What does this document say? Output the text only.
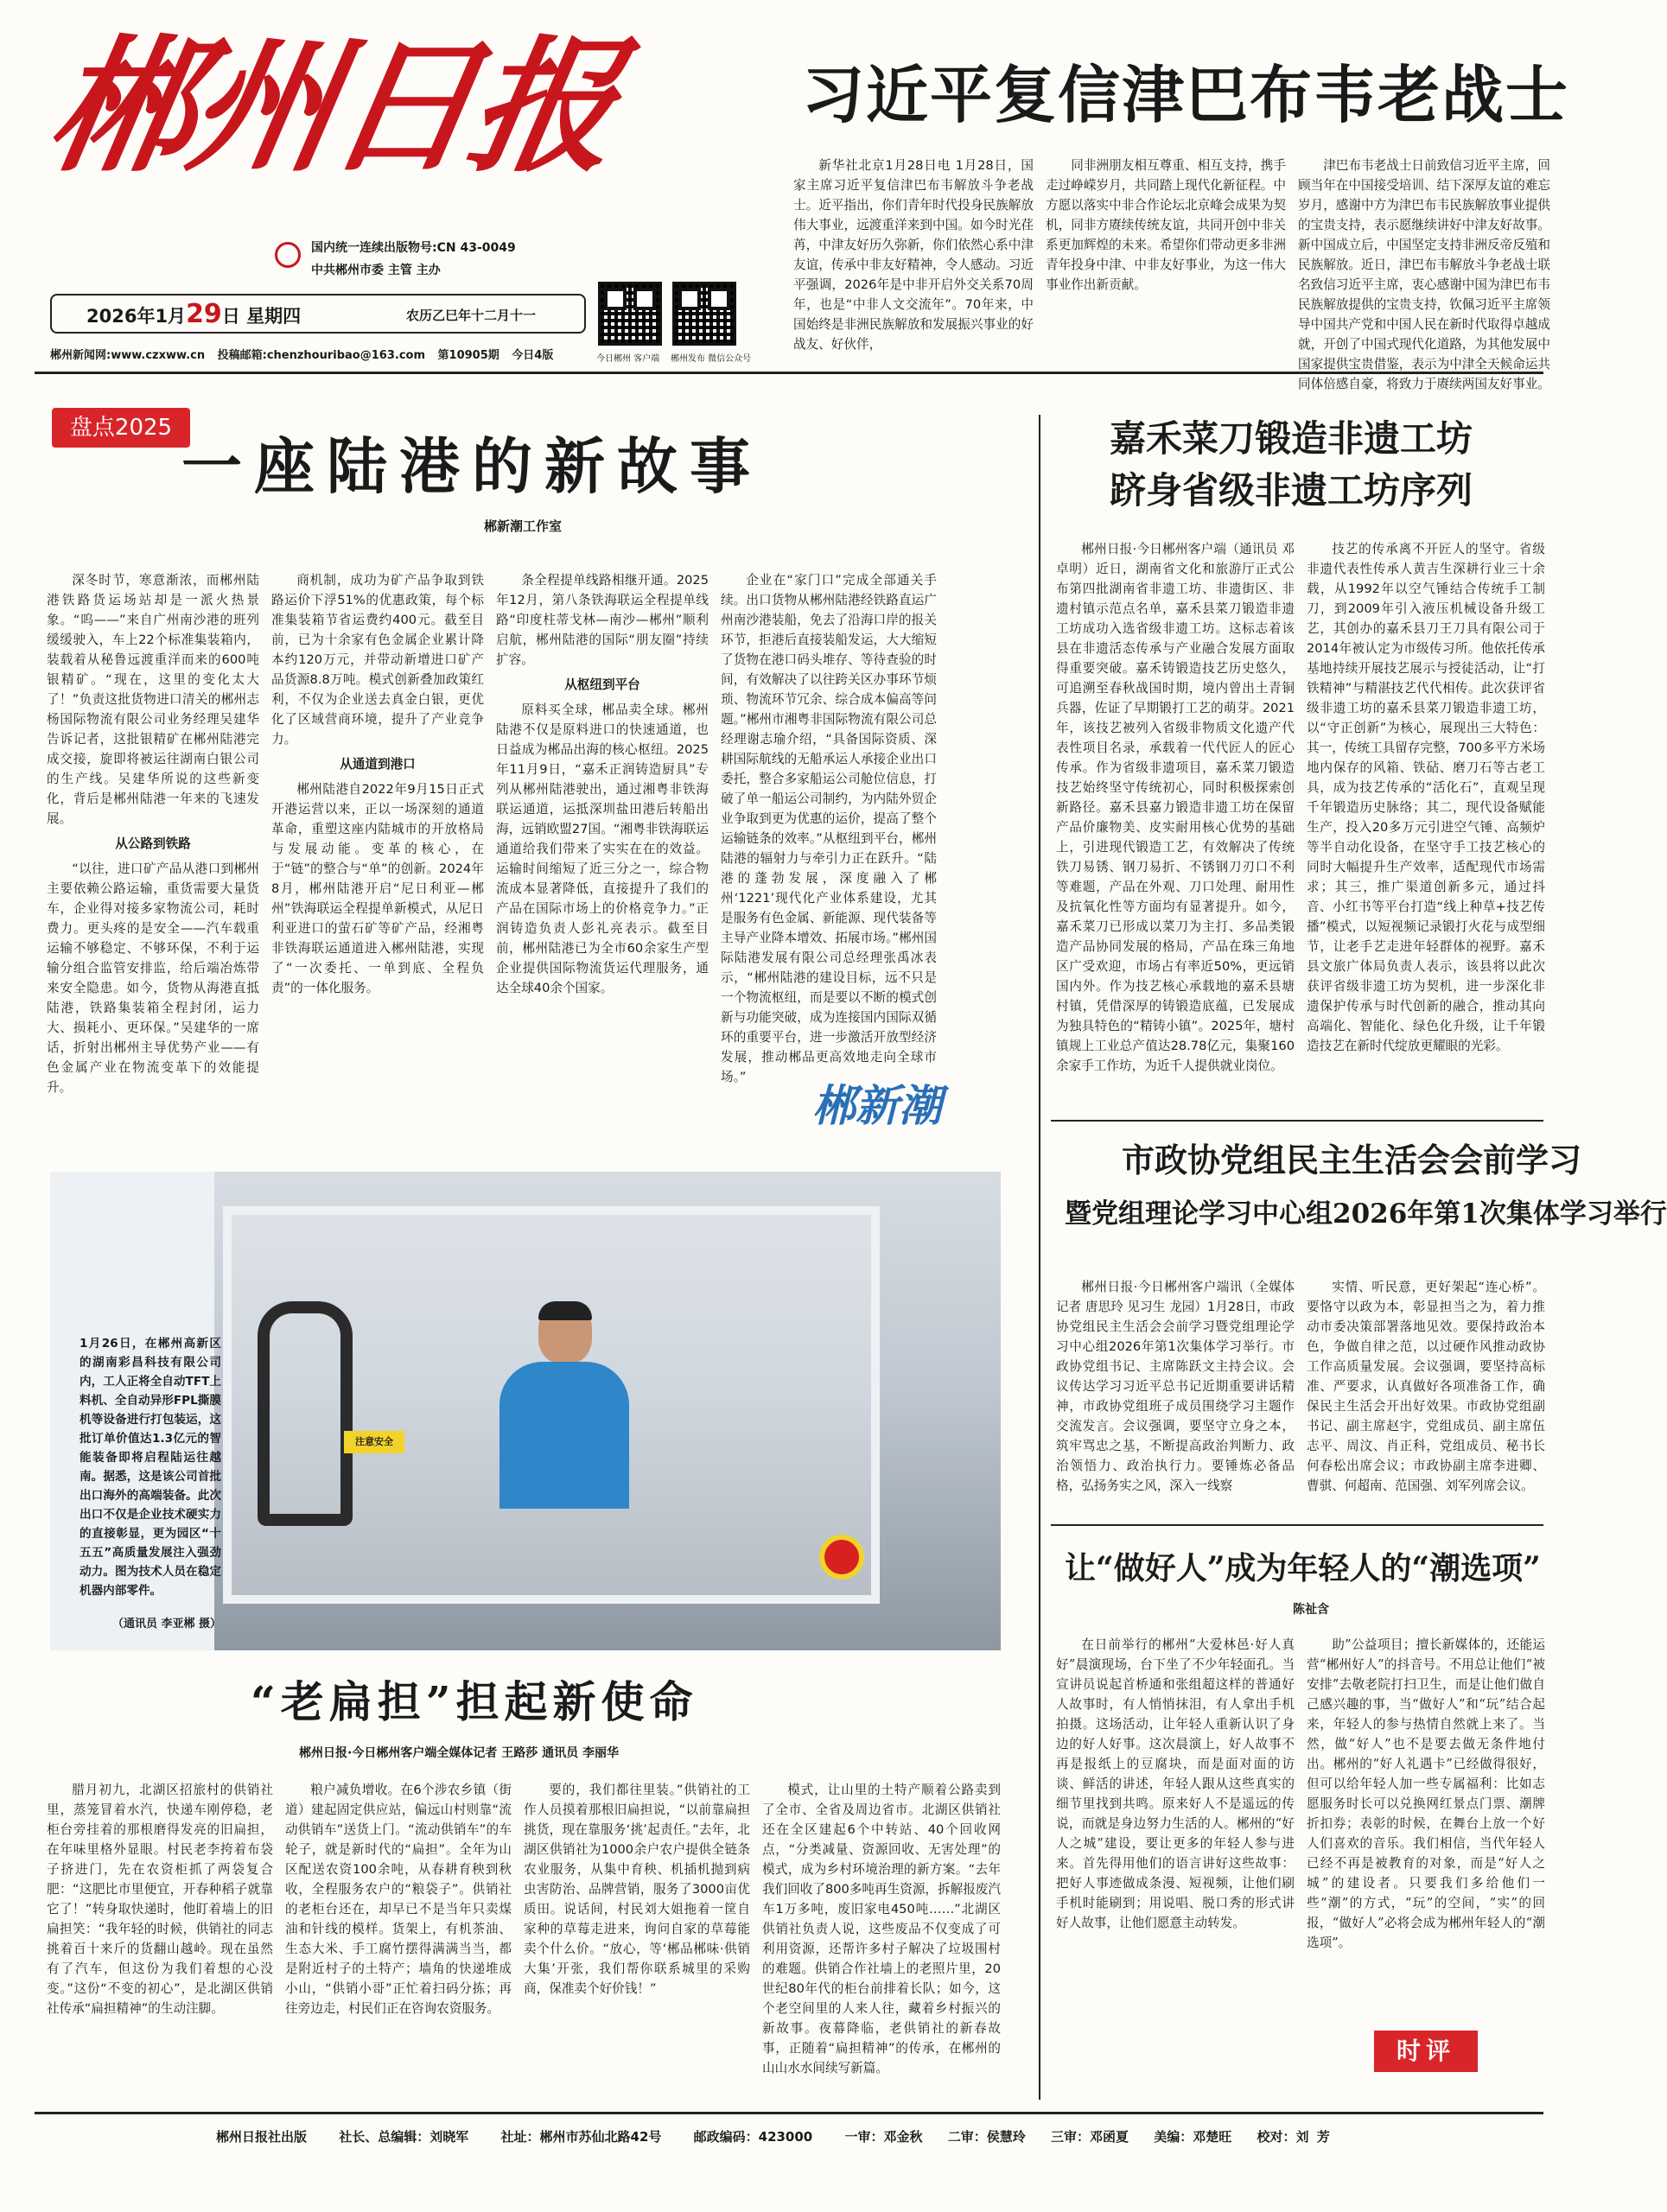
郴州日报
国内统一连续出版物号:CN 43-0049
中共郴州市委 主管 主办
2026年1月29日 星期四	农历乙巳年十二月十一
郴州新闻网:www.czxww.cn 投稿邮箱:chenzhouribao@163.com 第10905期 今日4版	今日郴州 客户端 郴州发布 微信公众号
习近平复信津巴布韦老战士

新华社北京1月28日电 1月28日，国家主席习近平复信津巴布韦解放斗争老战士。近平指出，你们青年时代投身民族解放伟大事业，远渡重洋来到中国。如今时光荏苒，中津友好历久弥新，你们依然心系中津友谊，传承中非友好精神，令人感动。习近平强调，2026年是中非开启外交关系70周年，也是“中非人文交流年”。70年来，中国始终是非洲民族解放和发展振兴事业的好战友、好伙伴，

同非洲朋友相互尊重、相互支持，携手走过峥嵘岁月，共同踏上现代化新征程。中方愿以落实中非合作论坛北京峰会成果为契机，同非方赓续传统友谊，共同开创中非关系更加辉煌的未来。希望你们带动更多非洲青年投身中津、中非友好事业，为这一伟大事业作出新贡献。

津巴布韦老战士日前致信习近平主席，回顾当年在中国接受培训、结下深厚友谊的难忘岁月，感谢中方为津巴布韦民族解放事业提供的宝贵支持，表示愿继续讲好中津友好故事。新中国成立后，中国坚定支持非洲反帝反殖和民族解放。近日，津巴布韦解放斗争老战士联名致信习近平主席，衷心感谢中国为津巴布韦民族解放提供的宝贵支持，钦佩习近平主席领导中国共产党和中国人民在新时代取得卓越成就，开创了中国式现代化道路，为其他发展中国家提供宝贵借鉴，表示为中津全天候命运共同体倍感自豪，将致力于赓续两国友好事业。

盘点2025
一座陆港的新故事
郴新潮工作室

深冬时节，寒意渐浓，而郴州陆港铁路货运场站却是一派火热景象。“呜——”来自广州南沙港的班列缓缓驶入，车上22个标准集装箱内，装载着从秘鲁远渡重洋而来的600吨银精矿。“现在，这里的变化太大了！”负责这批货物进口清关的郴州志杨国际物流有限公司业务经理吴建华告诉记者，这批银精矿在郴州陆港完成交接，旋即将被运往湖南白银公司的生产线。吴建华所说的这些新变化，背后是郴州陆港一年来的飞速发展。

从公路到铁路

“以往，进口矿产品从港口到郴州主要依赖公路运输，重货需要大量货车，企业得对接多家物流公司，耗时费力。更头疼的是安全——汽车载重运输不够稳定、不够环保，不利于运输分组合监管安排监，给后端冶炼带来安全隐患。如今，货物从海港直抵陆港，铁路集装箱全程封闭，运力大、损耗小、更环保。”吴建华的一席话，折射出郴州主导优势产业——有色金属产业在物流变革下的效能提升。

商机制，成功为矿产品争取到铁路运价下浮51%的优惠政策，每个标准集装箱节省运费约400元。截至目前，已为十余家有色金属企业累计降本约120万元，并带动新增进口矿产品货源8.8万吨。模式创新叠加政策红利，不仅为企业送去真金白银，更优化了区域营商环境，提升了产业竞争力。

从通道到港口

郴州陆港自2022年9月15日正式开港运营以来，正以一场深刻的通道革命，重塑这座内陆城市的开放格局与发展动能。变革的核心，在于“链”的整合与“单”的创新。2024年8月，郴州陆港开启“尼日利亚—郴州”铁海联运全程提单新模式，从尼日利亚进口的萤石矿等矿产品，经湘粤非铁海联运通道进入郴州陆港，实现了“一次委托、一单到底、全程负责”的一体化服务。

条全程提单线路相继开通。2025年12月，第八条铁海联运全程提单线路“印度柱蒂戈林—南沙—郴州”顺利启航，郴州陆港的国际“朋友圈”持续扩容。

从枢纽到平台

原料买全球，郴品卖全球。郴州陆港不仅是原料进口的快速通道，也日益成为郴品出海的核心枢纽。2025年11月9日，“嘉禾正润铸造厨具”专列从郴州陆港驶出，通过湘粤非铁海联运通道，运抵深圳盐田港后转船出海，远销欧盟27国。“湘粤非铁海联运通道给我们带来了实实在在的效益。运输时间缩短了近三分之一，综合物流成本显著降低，直接提升了我们的产品在国际市场上的价格竞争力。”正润铸造负责人彭礼亮表示。截至目前，郴州陆港已为全市60余家生产型企业提供国际物流货运代理服务，通达全球40余个国家。

企业在“家门口”完成全部通关手续。出口货物从郴州陆港经铁路直运广州南沙港装船，免去了沿海口岸的报关环节，拒港后直接装船发运，大大缩短了货物在港口码头堆存、等待查验的时间，有效解决了以往跨关区办事环节烦琐、物流环节冗余、综合成本偏高等问题。”郴州市湘粤非国际物流有限公司总经理谢志瑜介绍，“具备国际资质、深耕国际航线的无船承运人承接企业出口委托，整合多家船运公司舱位信息，打破了单一船运公司制约，为内陆外贸企业争取到更为优惠的运价，提高了整个运输链条的效率。”从枢纽到平台，郴州陆港的辐射力与牵引力正在跃升。“陆港的蓬勃发展，深度融入了郴州‘1221’现代化产业体系建设，尤其是服务有色金属、新能源、现代装备等主导产业降本增效、拓展市场。”郴州国际陆港发展有限公司总经理张禹冰表示，“郴州陆港的建设目标，远不只是一个物流枢纽，而是要以不断的模式创新与功能突破，成为连接国内国际双循环的重要平台，进一步激活开放型经济发展，推动郴品更高效地走向全球市场。”

郴新潮
注意安全
1月26日，在郴州高新区的湖南彩昌科技有限公司内，工人正将全自动TFT上料机、全自动异形FPL撕膜机等设备进行打包装运，这批订单价值达1.3亿元的智能装备即将启程陆运往越南。据悉，这是该公司首批出口海外的高端装备。此次出口不仅是企业技术硬实力的直接彰显，更为园区“十五五”高质量发展注入强劲动力。图为技术人员在稳定机器内部零件。
（通讯员 李亚郴 摄）
“老扁担”担起新使命
郴州日报·今日郴州客户端全媒体记者 王路莎 通讯员 李丽华

腊月初九，北湖区招旅村的供销社里，蒸笼冒着水汽，快递车刚停稳，老柜台旁挂着的那根磨得发亮的旧扁担，在年味里格外显眼。村民老李挎着布袋子挤进门，先在农资柜抓了两袋复合肥：“这肥比市里便宜，开春种稻子就靠它了！”转身取快递时，他盯着墙上的旧扁担笑：“我年轻的时候，供销社的同志挑着百十来斤的货翻山越岭。现在虽然有了汽车，但这份为我们着想的心没变。”这份“不变的初心”，是北湖区供销社传承“扁担精神”的生动注脚。

粮户减负增收。在6个涉农乡镇（街道）建起固定供应站，偏远山村则靠“流动供销车”送货上门。“流动供销车”的车轮子，就是新时代的“扁担”。全年为山区配送农资100余吨，从春耕育秧到秋收，全程服务农户的“粮袋子”。供销社的老柜台还在，却早已不是当年只卖煤油和针线的模样。货架上，有机茶油、生态大米、手工腐竹摆得满满当当，都是附近村子的土特产；墙角的快递堆成小山，“供销小哥”正忙着扫码分拣；再往旁边走，村民们正在咨询农资服务。

要的，我们都往里装。”供销社的工作人员摸着那根旧扁担说，“以前靠扁担挑货，现在靠服务‘挑’起责任。”去年，北湖区供销社为1000余户农户提供全链条农业服务，从集中育秧、机插机抛到病虫害防治、品牌营销，服务了3000亩优质田。说话间，村民刘大姐拖着一筐自家种的草莓走进来，询问自家的草莓能卖个什么价。“放心，等‘郴品郴味·供销大集’开张，我们帮你联系城里的采购商，保准卖个好价钱！”

模式，让山里的土特产顺着公路卖到了全市、全省及周边省市。北湖区供销社还在全区建起6个中转站、40个回收网点，“分类减量、资源回收、无害处理”的模式，成为乡村环境治理的新方案。“去年我们回收了800多吨再生资源，拆解报废汽车1万多吨，废旧家电450吨……”北湖区供销社负责人说，这些废品不仅变成了可利用资源，还帮许多村子解决了垃圾围村的难题。供销合作社墙上的老照片里，20世纪80年代的柜台前排着长队；如今，这个老空间里的人来人往，藏着乡村振兴的新故事。夜幕降临，老供销社的新春故事，正随着“扁担精神”的传承，在郴州的山山水水间续写新篇。

嘉禾菜刀锻造非遗工坊
跻身省级非遗工坊序列

郴州日报·今日郴州客户端（通讯员 邓卓明）近日，湖南省文化和旅游厅正式公布第四批湖南省非遗工坊、非遗街区、非遗村镇示范点名单，嘉禾县菜刀锻造非遗工坊成功入选省级非遗工坊。这标志着该县在非遗活态传承与产业融合发展方面取得重要突破。嘉禾铸锻造技艺历史悠久，可追溯至春秋战国时期，境内曾出土青铜兵器，佐证了早期锻打工艺的萌芽。2021年，该技艺被列入省级非物质文化遗产代表性项目名录，承载着一代代匠人的匠心传承。作为省级非遗项目，嘉禾菜刀锻造技艺始终坚守传统初心，同时积极探索创新路径。嘉禾县嘉力锻造非遗工坊在保留产品价廉物美、皮实耐用核心优势的基础上，引进现代锻造工艺，有效解决了传统铁刀易锈、钢刀易折、不锈钢刀刃口不利等难题，产品在外观、刀口处理、耐用性及抗氧化性等方面均有显著提升。如今，嘉禾菜刀已形成以菜刀为主打、多品类锻造产品协同发展的格局，产品在珠三角地区广受欢迎，市场占有率近50%，更远销国内外。作为技艺核心承载地的嘉禾县塘村镇，凭借深厚的铸锻造底蕴，已发展成为独具特色的“精铸小镇”。2025年，塘村镇规上工业总产值达28.78亿元，集聚160余家手工作坊，为近千人提供就业岗位。

技艺的传承离不开匠人的坚守。省级非遗代表性传承人黄吉生深耕行业三十余载，从1992年以空气锤结合传统手工制刀，到2009年引入液压机械设备升级工艺，其创办的嘉禾县刀王刀具有限公司于2014年被认定为市级传习所。他依托传承基地持续开展技艺展示与授徒活动，让“打铁精神”与精湛技艺代代相传。此次获评省级非遗工坊的嘉禾县菜刀锻造非遗工坊，以“守正创新”为核心，展现出三大特色：其一，传统工具留存完整，700多平方米场地内保存的风箱、铁砧、磨刀石等古老工具，成为技艺传承的“活化石”，直观呈现千年锻造历史脉络；其二，现代设备赋能生产，投入20多万元引进空气锤、高频炉等半自动化设备，在坚守手工技艺核心的同时大幅提升生产效率，适配现代市场需求；其三，推广渠道创新多元，通过抖音、小红书等平台打造“线上种草+技艺传播”模式，以短视频记录锻打火花与成型细节，让老手艺走进年轻群体的视野。嘉禾县文旅广体局负责人表示，该县将以此次获评省级非遗工坊为契机，进一步深化非遗保护传承与时代创新的融合，推动其向高端化、智能化、绿色化升级，让千年锻造技艺在新时代绽放更耀眼的光彩。

市政协党组民主生活会会前学习
暨党组理论学习中心组2026年第1次集体学习举行

郴州日报·今日郴州客户端讯（全媒体记者 唐思玲 见习生 龙园）1月28日，市政协党组民主生活会会前学习暨党组理论学习中心组2026年第1次集体学习举行。市政协党组书记、主席陈跃文主持会议。会议传达学习习近平总书记近期重要讲话精神，市政协党组班子成员围绕学习主题作交流发言。会议强调，要坚守立身之本，筑牢骂忠之基，不断提高政治判断力、政治领悟力、政治执行力。要锤炼必备品格，弘扬务实之风，深入一线察

实情、听民意，更好架起“连心桥”。要恪守以政为本，彰显担当之为，着力推动市委决策部署落地见效。要保持政治本色，争做自律之范，以过硬作风推动政协工作高质量发展。会议强调，要坚持高标准、严要求，认真做好各项准备工作，确保民主生活会开出好效果。市政协党组副书记、副主席赵宇，党组成员、副主席伍志平、周汶、肖正科，党组成员、秘书长何春松出席会议；市政协副主席李进卿、曹骐、何超南、范国强、刘军列席会议。

让“做好人”成为年轻人的“潮选项”
陈祉含

在日前举行的郴州“大爱林邑·好人真好”晨演现场，台下坐了不少年轻面孔。当宣讲员说起首桥通和张组超这样的普通好人故事时，有人悄悄抹泪，有人拿出手机拍摄。这场活动，让年轻人重新认识了身边的好人好事。这次晨演上，好人故事不再是报纸上的豆腐块，而是面对面的访谈、鲜活的讲述，年轻人跟从这些真实的细节里找到共鸣。原来好人不是遥远的传说，而就是身边努力生活的人。郴州的“好人之城”建设，要让更多的年轻人参与进来。首先得用他们的语言讲好这些故事：把好人事迹做成条漫、短视频，让他们刷手机时能刷到；用说唱、脱口秀的形式讲好人故事，让他们愿意主动转发。

助”公益项目；擅长新媒体的，还能运营“郴州好人”的抖音号。不用总让他们“被安排”去敬老院打扫卫生，而是让他们做自己感兴趣的事，当“做好人”和“玩”结合起来，年轻人的参与热情自然就上来了。当然，做“好人”也不是要去做无条件地付出。郴州的“好人礼遇卡”已经做得很好，但可以给年轻人加一些专属福利：比如志愿服务时长可以兑换网红景点门票、潮牌折扣券；表彰的时候，在舞台上放一个好人们喜欢的音乐。我们相信，当代年轻人已经不再是被教育的对象，而是“好人之城”的建设者。只要我们多给他们一些“潮”的方式，“玩”的空间，“实”的回报，“做好人”必将会成为郴州年轻人的“潮选项”。

时评
郴州日报社出版 社长、总编辑：刘晓军 社址：郴州市苏仙北路42号 邮政编码：423000 一审：邓金秋 二审：侯慧玲 三审：邓函夏 美编：邓楚旺 校对：刘 芳
